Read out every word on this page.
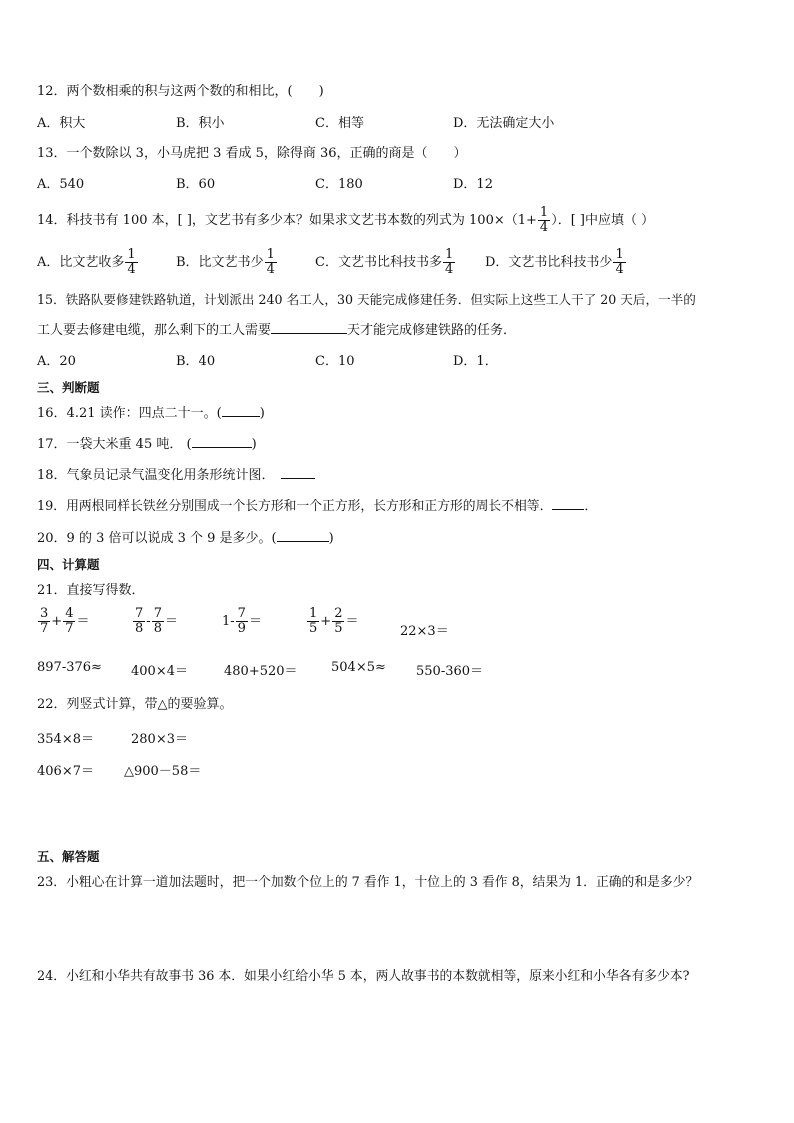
12．两个数相乘的积与这两个数的和相比，(　　)
A．积大	B．积小	C．相等	D．无法确定大小
13．一个数除以 3，小马虎把 3 看成 5，除得商 36，正确的商是（　　）
A．540	B．60	C．180	D．12
14．科技书有 100 本，[ ]，文艺书有多少本？如果求文艺书本数的列式为 $100\times(1+ \frac{1}{4}$ ）．[ ]中应填（ ）
A．比文艺收多 $\frac{1}{4}$	B．比文艺书少 $\frac{1}{4}$	C．文艺书比科技书多 $\frac{1}{4}$ D．文艺书比科技书少 $\frac{1}{4}$
15．铁路队要修建铁路轨道，计划派出 240 名工人，30 天能完成修建任务．但实际上这些工人干了 20 天后，一半的
工人要去修建电缆，那么剩下的工人需要	天才能完成修建铁路的任务．
A．20	B．40	C．10	D．1．
三、判断题
16．4.21 读作：四点二十一。(	)
17．一袋大米重 45 吨． (	)
18．气象员记录气温变化用条形统计图．
19．用两根同样长铁丝分别围成一个长方形和一个正方形，长方形和正方形的周长不相等．	．
20．9 的 3 倍可以说成 3 个 9 是多少。(	)
四、计算题
21．直接写得数．
$\frac{3}{7} + \frac{4}{7}$ ＝	$\frac{7}{8} - \frac{7}{8}$ ＝	$1- \frac{7}{9}$ ＝	$\frac{1}{5} + \frac{2}{5}$ ＝
22×3＝
897-376≈ 400×4＝	480+520＝	504×5≈ 550-360＝
22．列竖式计算，带△的要验算。
354×8＝	280×3＝
406×7＝ △900－58＝
五、解答题
23．小粗心在计算一道加法题时，把一个加数个位上的 7 看作 1，十位上的 3 看作 8，结果为 1．正确的和是多少？
24．小红和小华共有故事书 36 本．如果小红给小华 5 本，两人故事书的本数就相等，原来小红和小华各有多少本?
